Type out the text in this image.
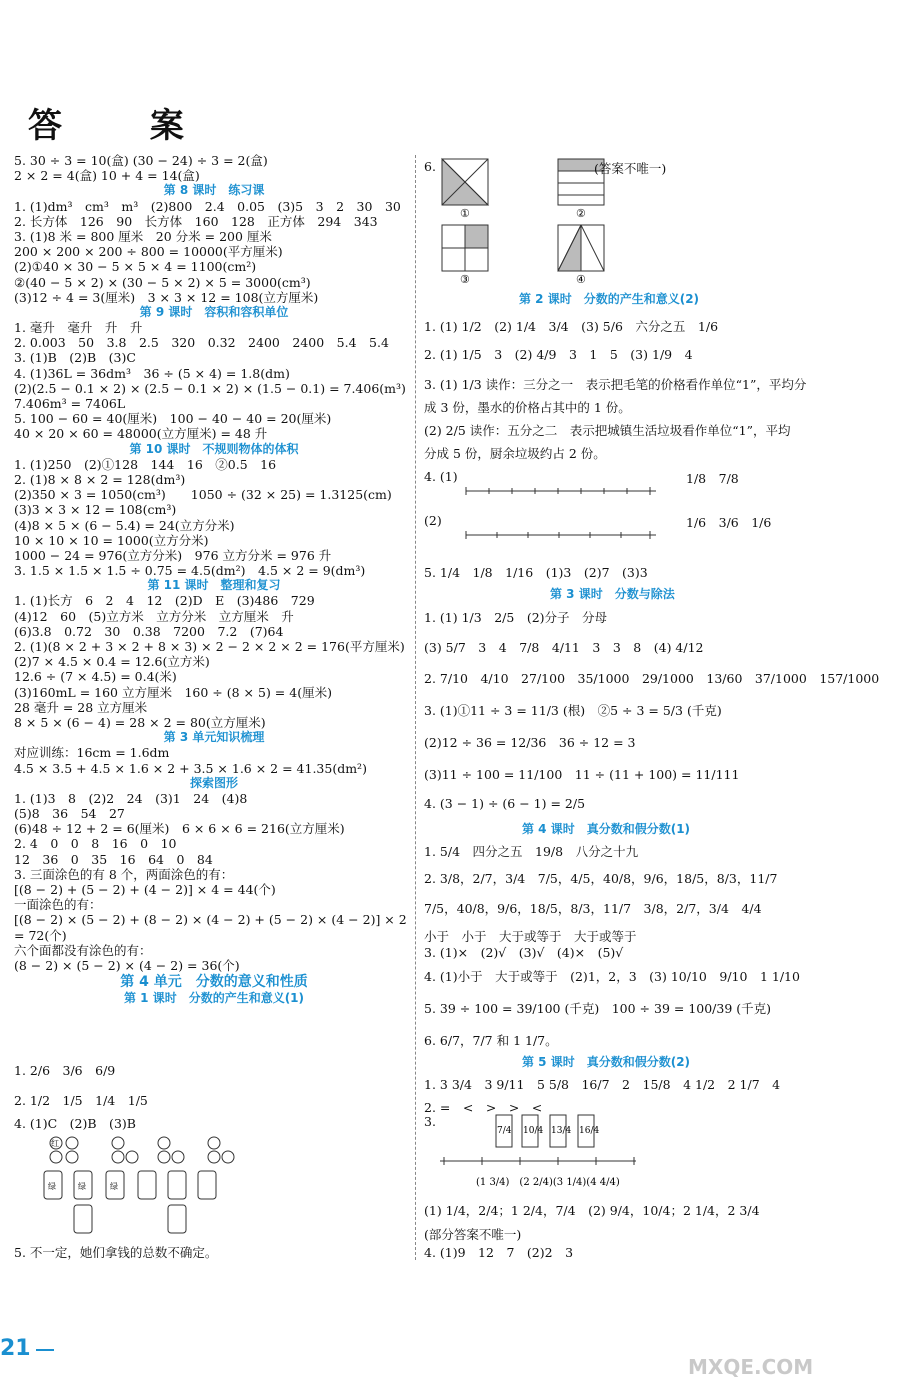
答 案
5. 30 ÷ 3 = 10(盒) (30 − 24) ÷ 3 = 2(盒)
2 × 2 = 4(盒) 10 + 4 = 14(盒)
第 8 课时　练习课
1. (1)dm³　cm³　m³　(2)800　2.4　0.05　(3)5　3　2　30　30
2. 长方体　126　90　长方体　160　128　正方体　294　343
3. (1)8 米 = 800 厘米　20 分米 = 200 厘米
200 × 200 × 200 ÷ 800 = 10000(平方厘米)
(2)①40 × 30 − 5 × 5 × 4 = 1100(cm²)
②(40 − 5 × 2) × (30 − 5 × 2) × 5 = 3000(cm³)
(3)12 ÷ 4 = 3(厘米)　3 × 3 × 12 = 108(立方厘米)
第 9 课时　容积和容积单位
1. 毫升　毫升　升　升
2. 0.003　50　3.8　2.5　320　0.32　2400　2400　5.4　5.4
3. (1)B　(2)B　(3)C
4. (1)36L = 36dm³　36 ÷ (5 × 4) = 1.8(dm)
(2)(2.5 − 0.1 × 2) × (2.5 − 0.1 × 2) × (1.5 − 0.1) = 7.406(m³)
7.406m³ = 7406L
5. 100 − 60 = 40(厘米)　100 − 40 − 40 = 20(厘米)
40 × 20 × 60 = 48000(立方厘米) = 48 升
第 10 课时　不规则物体的体积
1. (1)250　(2)①128　144　16　②0.5　16
2. (1)8 × 8 × 2 = 128(dm³)
(2)350 × 3 = 1050(cm³)　　1050 ÷ (32 × 25) = 1.3125(cm)
(3)3 × 3 × 12 = 108(cm³)
(4)8 × 5 × (6 − 5.4) = 24(立方分米)
10 × 10 × 10 = 1000(立方分米)
1000 − 24 = 976(立方分米)　976 立方分米 = 976 升
3. 1.5 × 1.5 × 1.5 ÷ 0.75 = 4.5(dm²)　4.5 × 2 = 9(dm³)
第 11 课时　整理和复习
1. (1)长方　6　2　4　12　(2)D　E　(3)486　729
(4)12　60　(5)立方米　立方分米　立方厘米　升
(6)3.8　0.72　30　0.38　7200　7.2　(7)64
2. (1)(8 × 2 + 3 × 2 + 8 × 3) × 2 − 2 × 2 × 2 = 176(平方厘米)
(2)7 × 4.5 × 0.4 = 12.6(立方米)
12.6 ÷ (7 × 4.5) = 0.4(米)
(3)160mL = 160 立方厘米　160 ÷ (8 × 5) = 4(厘米)
28 毫升 = 28 立方厘米
8 × 5 × (6 − 4) = 28 × 2 = 80(立方厘米)
第 3 单元知识梳理
对应训练：16cm = 1.6dm
4.5 × 3.5 + 4.5 × 1.6 × 2 + 3.5 × 1.6 × 2 = 41.35(dm²)
探索图形
1. (1)3　8　(2)2　24　(3)1　24　(4)8
(5)8　36　54　27
(6)48 ÷ 12 + 2 = 6(厘米)　6 × 6 × 6 = 216(立方厘米)
2. 4　0　0　8　16　0　10
12　36　0　35　16　64　0　84
3. 三面涂色的有 8 个，两面涂色的有：
[(8 − 2) + (5 − 2) + (4 − 2)] × 4 = 44(个)
一面涂色的有：
[(8 − 2) × (5 − 2) + (8 − 2) × (4 − 2) + (5 − 2) × (4 − 2)] × 2
= 72(个)
六个面都没有涂色的有：
(8 − 2) × (5 − 2) × (4 − 2) = 36(个)
第 4 单元　分数的意义和性质
第 1 课时　分数的产生和意义(1)
1. 2/6　3/6　6/9
2. 1/2　1/5　1/4　1/5
4. (1)C　(2)B　(3)B
红
绿	绿	绿
5. 不一定，她们拿钱的总数不确定。
6.
①	②
③	④
(答案不唯一)
第 2 课时　分数的产生和意义(2)
1. (1) 1/2　(2) 1/4　3/4　(3) 5/6　六分之五　1/6
2. (1) 1/5　3　(2) 4/9　3　1　5　(3) 1/9　4
3. (1) 1/3 读作：三分之一　表示把毛笔的价格看作单位“1”，平均分
成 3 份，墨水的价格占其中的 1 份。
(2) 2/5 读作：五分之二　表示把城镇生活垃圾看作单位“1”，平均
分成 5 份，厨余垃圾约占 2 份。
4. (1)	1/8　7/8
(2)	1/6　3/6　1/6
5. 1/4　1/8　1/16　(1)3　(2)7　(3)3
第 3 课时　分数与除法
1. (1) 1/3　2/5　(2)分子　分母
(3) 5/7　3　4　7/8　4/11　3　3　8　(4) 4/12
2. 7/10　4/10　27/100　35/1000　29/1000　13/60　37/1000　157/1000
3. (1)①11 ÷ 3 = 11/3 (根)　②5 ÷ 3 = 5/3 (千克)
(2)12 ÷ 36 = 12/36　36 ÷ 12 = 3
(3)11 ÷ 100 = 11/100　11 ÷ (11 + 100) = 11/111
4. (3 − 1) ÷ (6 − 1) = 2/5
第 4 课时　真分数和假分数(1)
1. 5/4　四分之五　19/8　八分之十九
2. 3/8，2/7，3/4　7/5，4/5，40/8，9/6，18/5，8/3，11/7
7/5，40/8，9/6，18/5，8/3，11/7　3/8，2/7，3/4　4/4
小于　小于　大于或等于　大于或等于
3. (1)×　(2)√　(3)√　(4)×　(5)√
4. (1)小于　大于或等于　(2)1，2，3　(3) 10/10　9/10　1 1/10
5. 39 ÷ 100 = 39/100 (千克)　100 ÷ 39 = 100/39 (千克)
6. 6/7，7/7 和 1 1/7。
第 5 课时　真分数和假分数(2)
1. 3 3/4　3 9/11　5 5/8　16/7　2　15/8　4 1/2　2 1/7　4
2. =　<　>　>　<
3.
7/4 10/4 13/4 16/4
(1 3/4)　(2 2/4)(3 1/4)(4 4/4)
(1) 1/4，2/4；1 2/4，7/4　(2) 9/4，10/4；2 1/4，2 3/4
(部分答案不唯一)
4. (1)9　12　7　(2)2　3
21
MXQE.COM
